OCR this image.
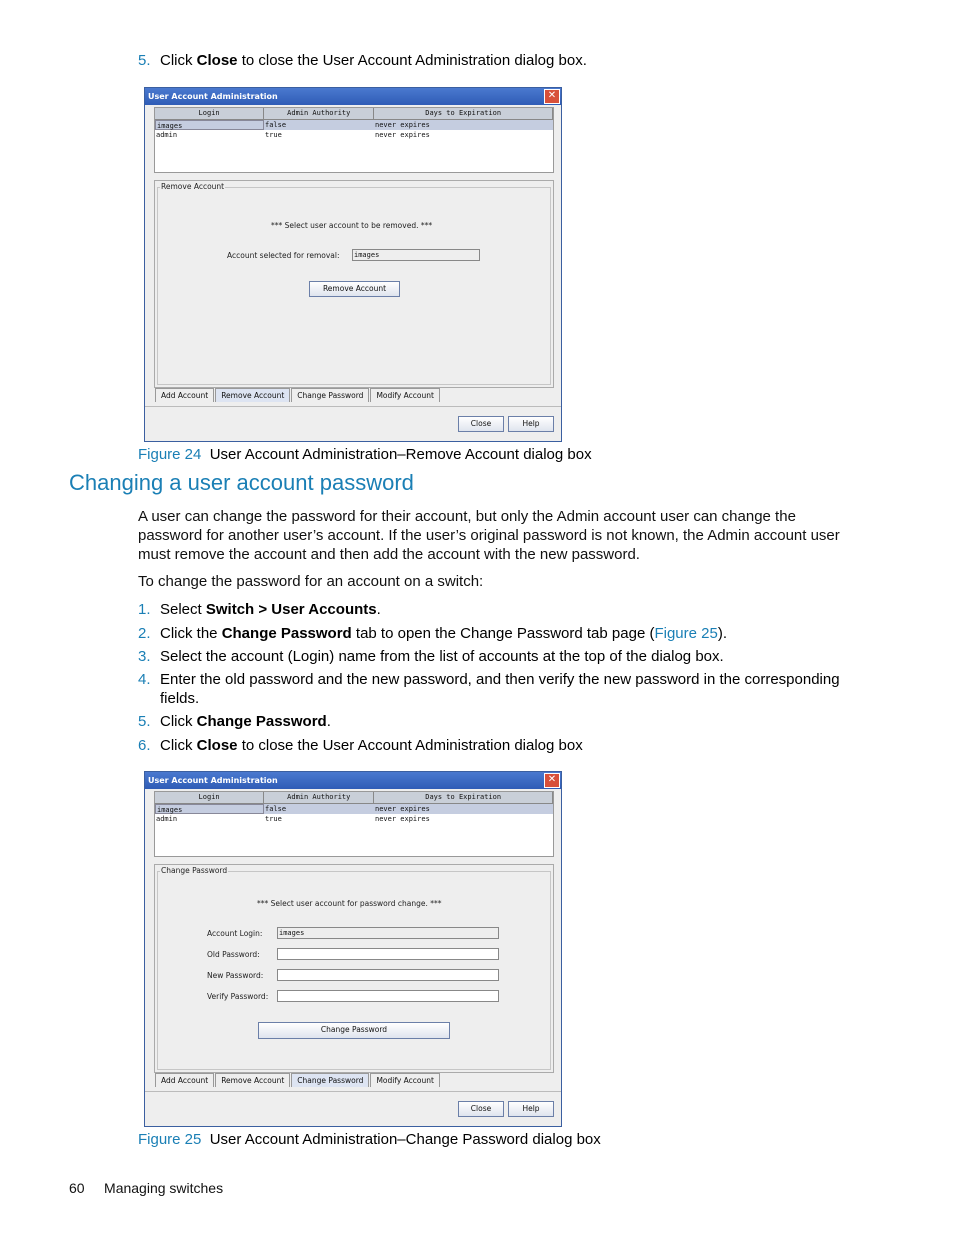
5. Click Close to close the User Account Administration dialog box.
User Account Administration	✕
Login	Admin Authority	Days to Expiration
images	false	never expires
admin	true	never expires
Remove Account
*** Select user account to be removed. ***
Account selected for removal: images
Remove Account
Add Account	Remove Account	Change Password	Modify Account
Close	Help
Figure 24 User Account Administration–Remove Account dialog box
Changing a user account password
A user can change the password for their account, but only the Admin account user can change the password for another user’s account. If the user’s original password is not known, the Admin account user must remove the account and then add the account with the new password.
To change the password for an account on a switch:
1. Select Switch > User Accounts.
2. Click the Change Password tab to open the Change Password tab page (Figure 25).
3. Select the account (Login) name from the list of accounts at the top of the dialog box.
4. Enter the old password and the new password, and then verify the new password in the corresponding fields.
5. Click Change Password.
6. Click Close to close the User Account Administration dialog box
User Account Administration	✕
Login	Admin Authority	Days to Expiration
images	false	never expires
admin	true	never expires
Change Password
*** Select user account for password change. ***
Account Login: images
Old Password:
New Password:
Verify Password:
Change Password
Add Account	Remove Account	Change Password	Modify Account
Close	Help
Figure 25 User Account Administration–Change Password dialog box
60 Managing switches
